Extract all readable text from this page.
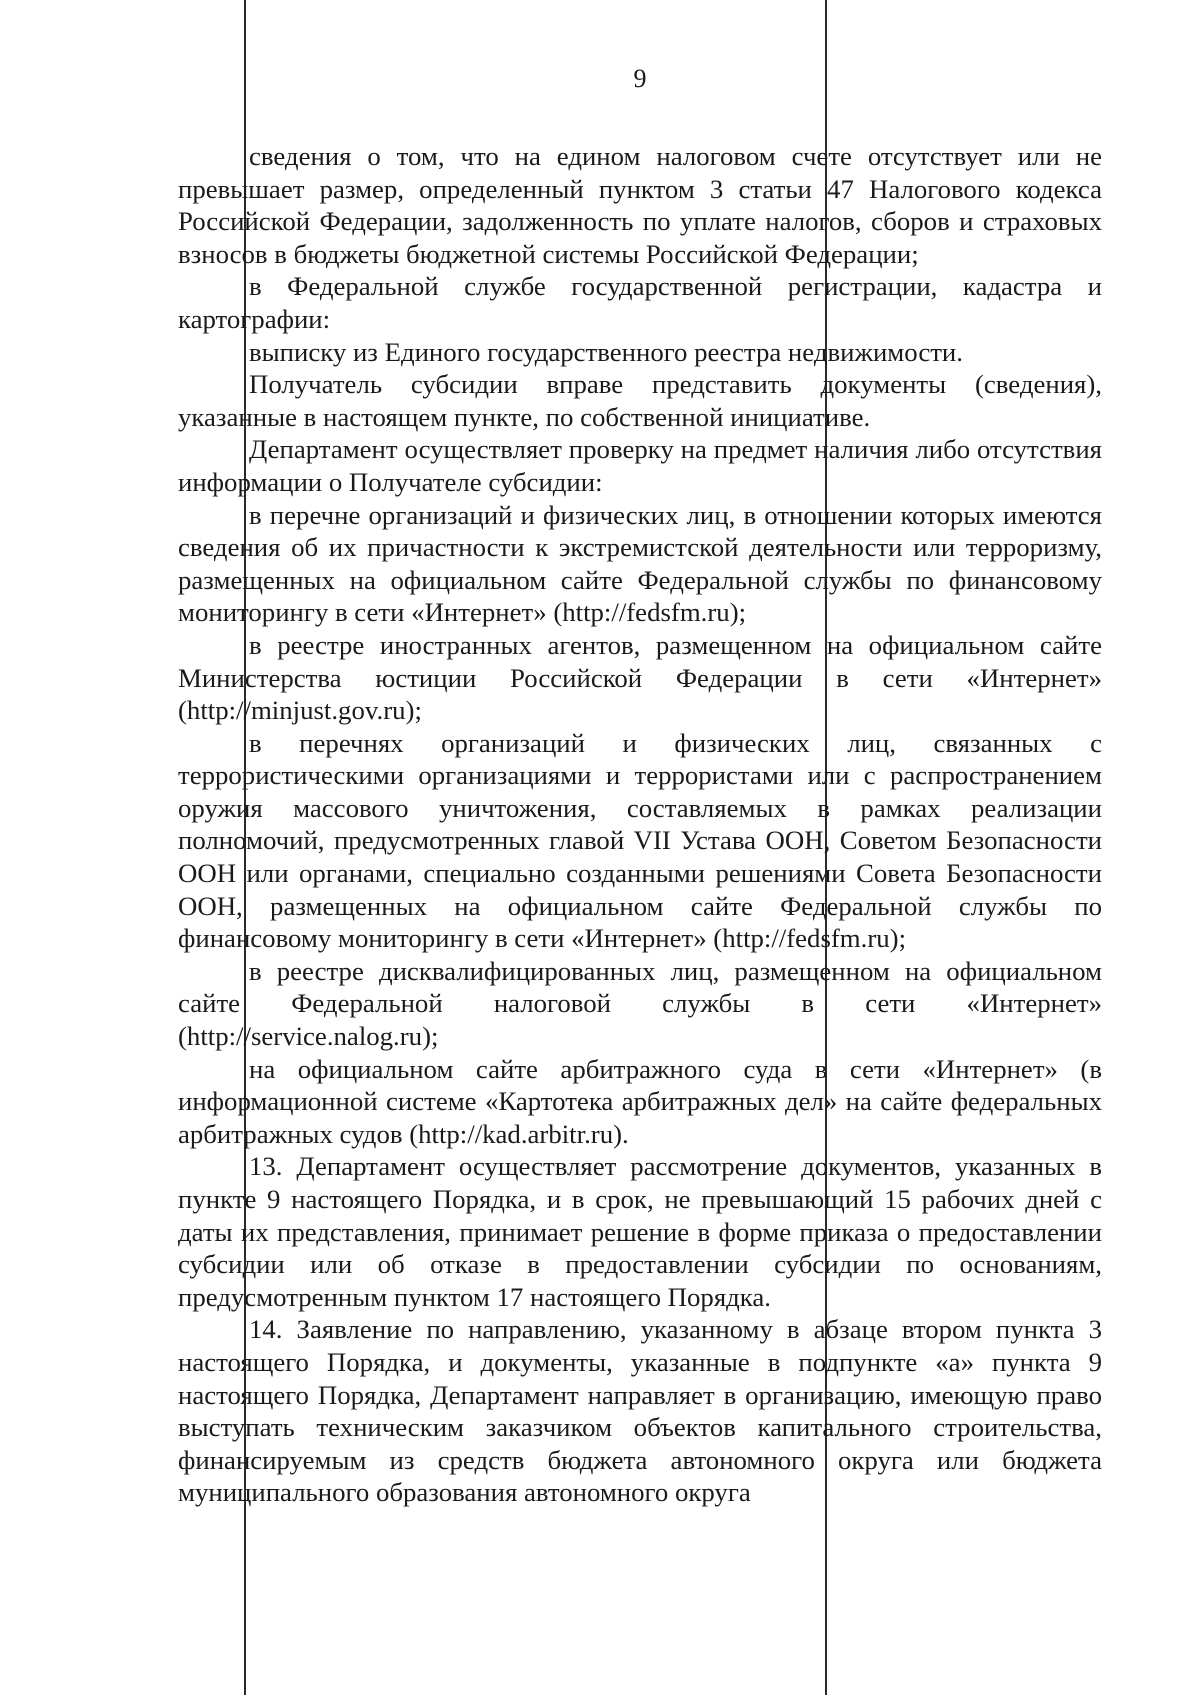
9

сведения о том, что на едином налоговом счете отсутствует или не превышает размер, определенный пунктом 3 статьи 47 Налогового кодекса Российской Федерации, задолженность по уплате налогов, сборов и страховых взносов в бюджеты бюджетной системы Российской Федерации;

в Федеральной службе государственной регистрации, кадастра и картографии:

выписку из Единого государственного реестра недвижимости.

Получатель субсидии вправе представить документы (сведения), указанные в настоящем пункте, по собственной инициативе.

Департамент осуществляет проверку на предмет наличия либо отсутствия информации о Получателе субсидии:

в перечне организаций и физических лиц, в отношении которых имеются сведения об их причастности к экстремистской деятельности или терроризму, размещенных на официальном сайте Федеральной службы по финансовому мониторингу в сети «Интернет» (http://fedsfm.ru);

в реестре иностранных агентов, размещенном на официальном сайте Министерства юстиции Российской Федерации в сети «Интернет» (http://minjust.gov.ru);

в перечнях организаций и физических лиц, связанных с террористическими организациями и террористами или с распространением оружия массового уничтожения, составляемых в рамках реализации полномочий, предусмотренных главой VII Устава ООН, Советом Безопасности ООН или органами, специально созданными решениями Совета Безопасности ООН, размещенных на официальном сайте Федеральной службы по финансовому мониторингу в сети «Интернет» (http://fedsfm.ru);

в реестре дисквалифицированных лиц, размещенном на официальном сайте Федеральной налоговой службы в сети «Интернет» (http://service.nalog.ru);

на официальном сайте арбитражного суда в сети «Интернет» (в информационной системе «Картотека арбитражных дел» на сайте федеральных арбитражных судов (http://kad.arbitr.ru).

13. Департамент осуществляет рассмотрение документов, указанных в пункте 9 настоящего Порядка, и в срок, не превышающий 15 рабочих дней с даты их представления, принимает решение в форме приказа о предоставлении субсидии или об отказе в предоставлении субсидии по основаниям, предусмотренным пунктом 17 настоящего Порядка.

14. Заявление по направлению, указанному в абзаце втором пункта 3 настоящего Порядка, и документы, указанные в подпункте «а» пункта 9 настоящего Порядка, Департамент направляет в организацию, имеющую право выступать техническим заказчиком объектов капитального строительства, финансируемым из средств бюджета автономного округа или бюджета муниципального образования автономного округа
